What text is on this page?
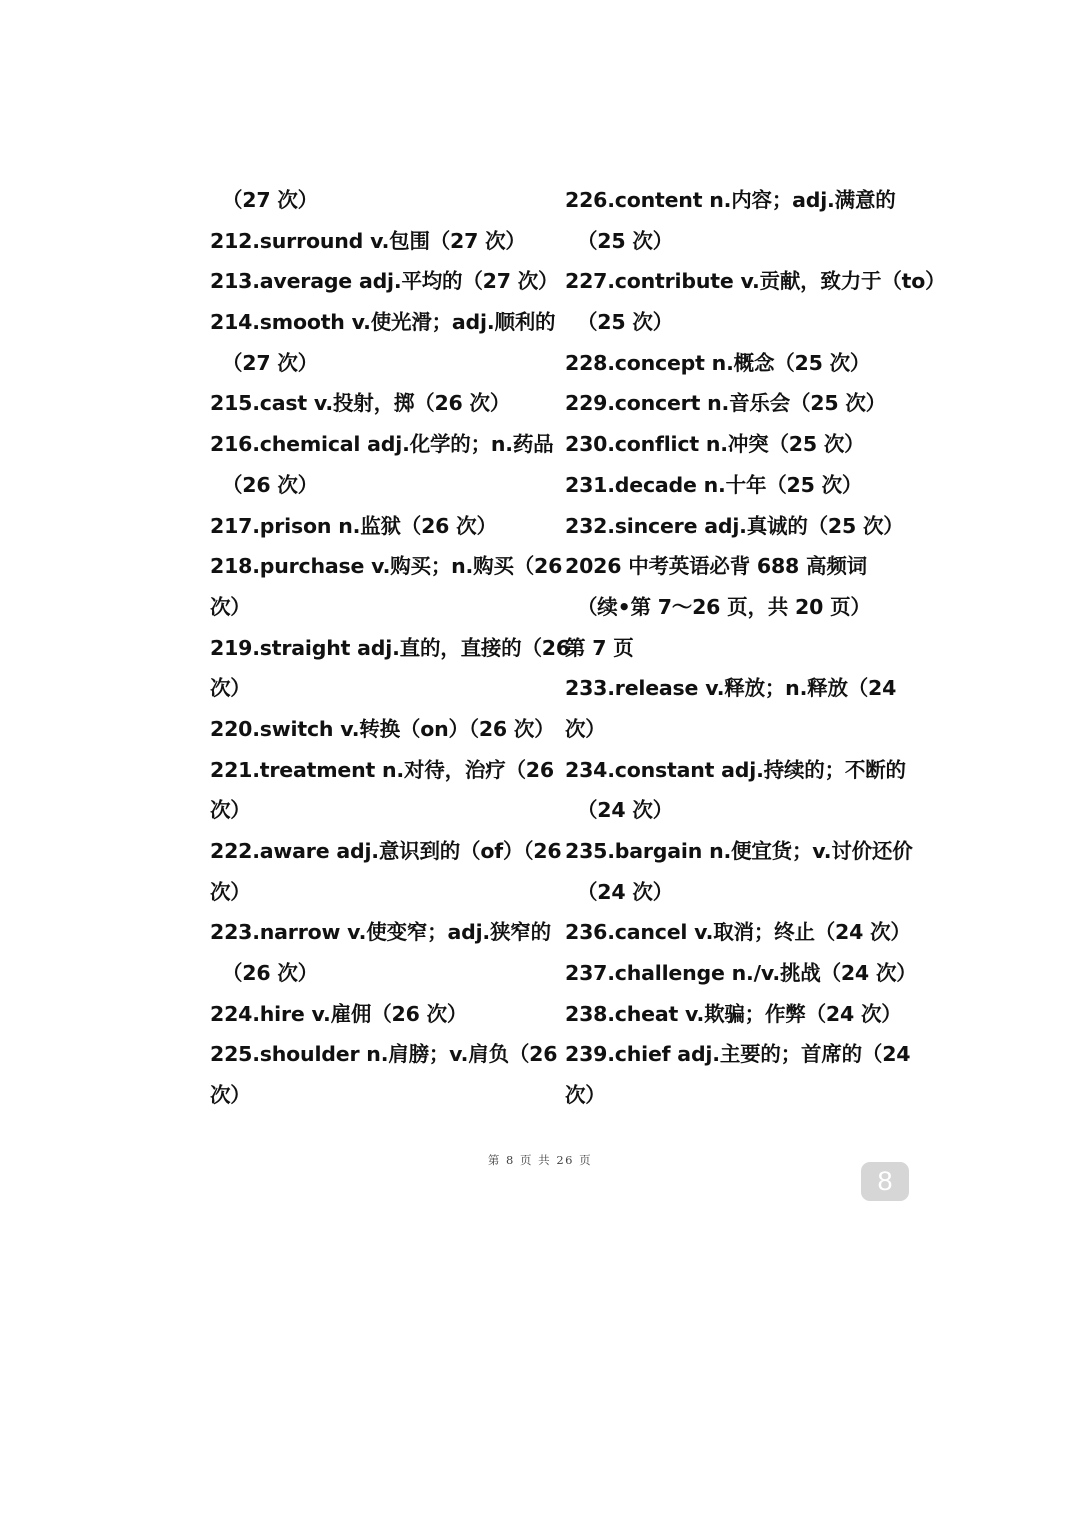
（27 次）
212.surround v.包围（27 次）
213.average adj.平均的（27 次）
214.smooth v.使光滑；adj.顺利的
（27 次）
215.cast v.投射，掷（26 次）
216.chemical adj.化学的；n.药品
（26 次）
217.prison n.监狱（26 次）
218.purchase v.购买；n.购买（26
次）
219.straight adj.直的，直接的（26
次）
220.switch v.转换（on）（26 次）
221.treatment n.对待，治疗（26
次）
222.aware adj.意识到的（of）（26
次）
223.narrow v.使变窄；adj.狭窄的
（26 次）
224.hire v.雇佣（26 次）
225.shoulder n.肩膀；v.肩负（26
次）
226.content n.内容；adj.满意的
（25 次）
227.contribute v.贡献，致力于（to）
（25 次）
228.concept n.概念（25 次）
229.concert n.音乐会（25 次）
230.conflict n.冲突（25 次）
231.decade n.十年（25 次）
232.sincere adj.真诚的（25 次）
2026 中考英语必背 688 高频词
（续•第 7～26 页，共 20 页）
第 7 页
233.release v.释放；n.释放（24
次）
234.constant adj.持续的；不断的
（24 次）
235.bargain n.便宜货；v.讨价还价
（24 次）
236.cancel v.取消；终止（24 次）
237.challenge n./v.挑战（24 次）
238.cheat v.欺骗；作弊（24 次）
239.chief adj.主要的；首席的（24
次）
第 8 页 共 26 页
8
